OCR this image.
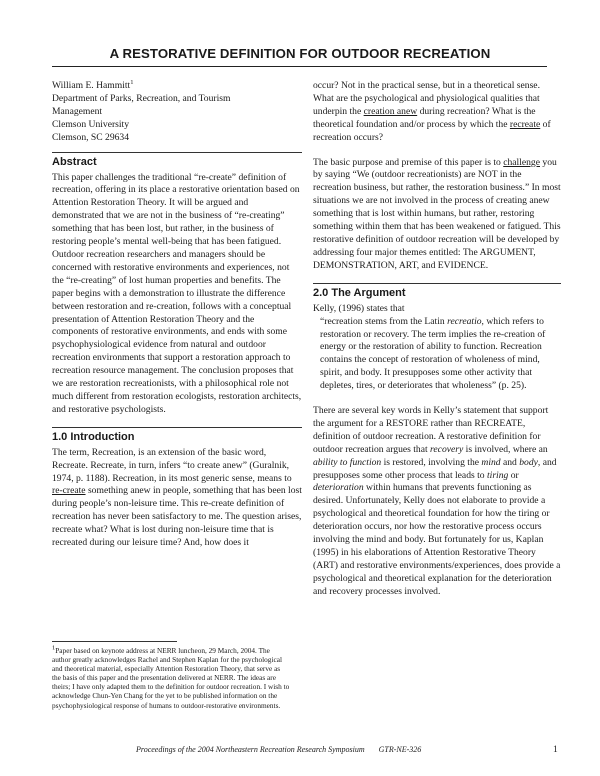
A RESTORATIVE DEFINITION FOR OUTDOOR RECREATION

William E. Hammitt$^1$

Department of Parks, Recreation, and Tourism
Management
Clemson University
Clemson, SC 29634
Abstract

This paper challenges the traditional “re-create” definition of recreation, offering in its place a restorative orientation based on Attention Restoration Theory. It will be argued and demonstrated that we are not in the business of “re-creating” something that has been lost, but rather, in the business of restoring people’s mental well-being that has been fatigued. Outdoor recreation researchers and managers should be concerned with restorative environments and experiences, not the “re-creating” of lost human properties and benefits. The paper begins with a demonstration to illustrate the difference between restoration and re-creation, follows with a conceptual presentation of Attention Restoration Theory and the components of restorative environments, and ends with some psychophysiological evidence from natural and outdoor recreation environments that support a restoration approach to recreation resource management. The conclusion proposes that we are restoration recreationists, with a philosophical role not much different from restoration ecologists, restoration architects, and restorative psychologists.

1.0 Introduction

The term, Recreation, is an extension of the basic word, Recreate. Recreate, in turn, infers “to create anew” (Guralnik, 1974, p. 1188). Recreation, in its most generic sense, means to re-create something anew in people, something that has been lost during people’s non-leisure time. This re-create definition of recreation has never been satisfactory to me. The question arises, recreate what? What is lost during non-leisure time that is recreated during our leisure time? And, how does it

$^1$Paper based on keynote address at NERR luncheon, 29 March, 2004. The author greatly acknowledges Rachel and Stephen Kaplan for the psychological and theoretical material, especially Attention Restoration Theory, that serve as the basis of this paper and the presentation delivered at NERR. The ideas are theirs; I have only adapted them to the definition for outdoor recreation. I wish to acknowledge Chun-Yen Chang for the yet to be published information on the psychophysiological response of humans to outdoor-restorative environments.

occur? Not in the practical sense, but in a theoretical sense. What are the psychological and physiological qualities that underpin the creation anew during recreation? What is the theoretical foundation and/or process by which the recreate of recreation occurs?

The basic purpose and premise of this paper is to challenge you by saying “We (outdoor recreationists) are NOT in the recreation business, but rather, the restoration business.” In most situations we are not involved in the process of creating anew something that is lost within humans, but rather, restoring something within them that has been weakened or fatigued. This restorative definition of outdoor recreation will be developed by addressing four major themes entitled: The ARGUMENT, DEMONSTRATION, ART, and EVIDENCE.

2.0 The Argument

Kelly, (1996) states that

“recreation stems from the Latin recreatio, which refers to restoration or recovery. The term implies the re-creation of energy or the restoration of ability to function. Recreation contains the concept of restoration of wholeness of mind, spirit, and body. It presupposes some other activity that depletes, tires, or deteriorates that wholeness” (p. 25).

There are several key words in Kelly’s statement that support the argument for a RESTORE rather than RECREATE, definition of outdoor recreation. A restorative definition for outdoor recreation argues that recovery is involved, where an ability to function is restored, involving the mind and body, and presupposes some other process that leads to tiring or deterioration within humans that prevents functioning as desired. Unfortunately, Kelly does not elaborate to provide a psychological and theoretical foundation for how the tiring or deterioration occurs, nor how the restorative process occurs involving the mind and body. But fortunately for us, Kaplan (1995) in his elaborations of Attention Restorative Theory (ART) and restorative environments/experiences, does provide a psychological and theoretical explanation for the deterioration and recovery processes involved.

Proceedings of the 2004 Northeastern Recreation Research Symposium GTR-NE-326	1
